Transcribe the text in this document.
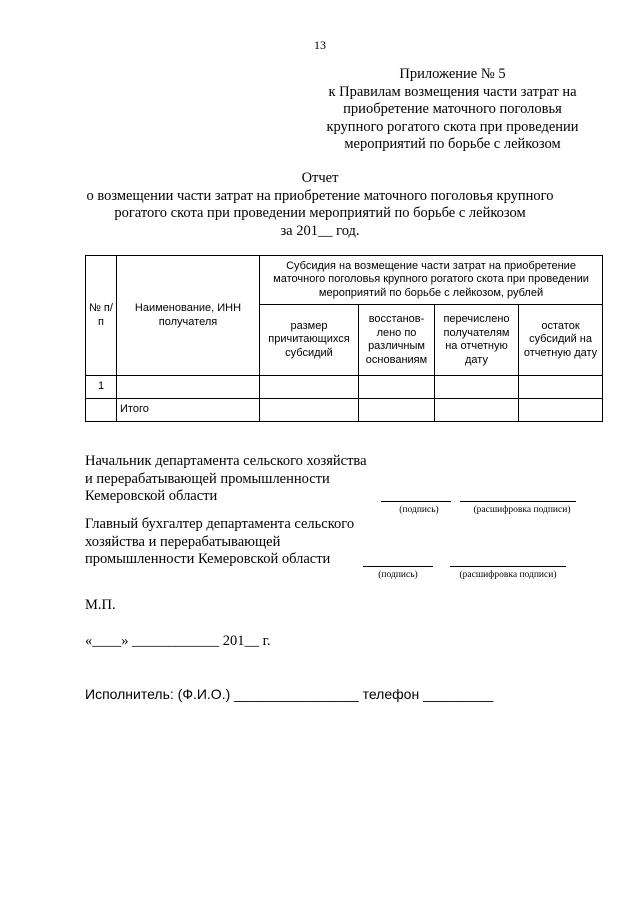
13
Приложение № 5
к Правилам возмещения части затрат на
приобретение маточного поголовья
крупного рогатого скота при проведении
мероприятий по борьбе с лейкозом
Отчет
о возмещении части затрат на приобретение маточного поголовья крупного
рогатого скота при проведении мероприятий по борьбе с лейкозом
за 201__ год.
№ п/п	Наименование, ИНН получателя	Субсидия на возмещение части затрат на приобретение маточного поголовья крупного рогатого скота при проведении мероприятий по борьбе с лейкозом, рублей			
		размер причитающихся субсидий	восстанов-лено по различным основаниям	перечислено получателям на отчетную дату	остаток субсидий на отчетную дату
1					
	Итого				
Начальник департамента сельского хозяйства
и перерабатывающей промышленности
Кемеровской области
(подпись)	(расшифровка подписи)
Главный бухгалтер департамента сельского
хозяйства и перерабатывающей
промышленности Кемеровской области
(подпись)	(расшифровка подписи)
М.П.
«____» ____________ 201__ г.
Исполнитель: (Ф.И.О.) ________________ телефон _________
